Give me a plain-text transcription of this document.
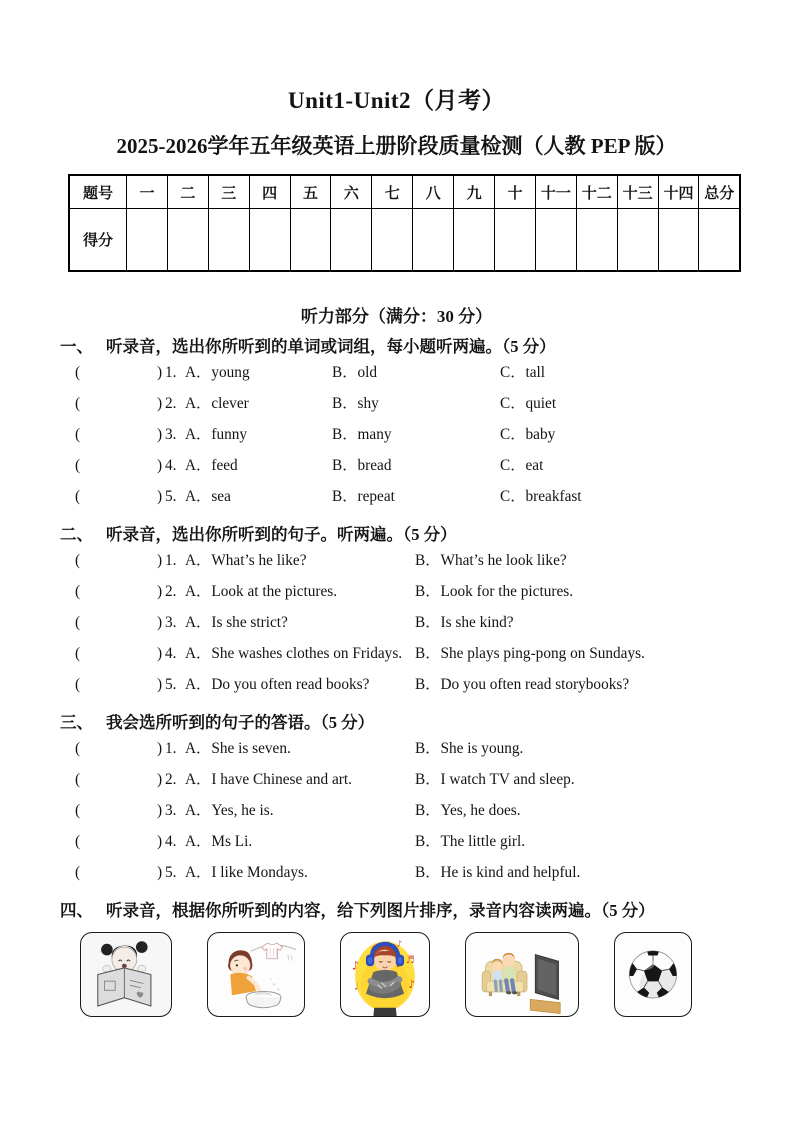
Unit1-Unit2（月考）
2025-2026学年五年级英语上册阶段质量检测（人教 PEP 版）
题号	一	二	三	四	五	六	七	八	九	十	十一	十二	十三	十四	总分
得分															
听力部分（满分：30 分）
一、 听录音，选出你所听到的单词或词组，每小题听两遍。（5 分）
(	) 1. A．young	B．old	C．tall
(	) 2. A．clever	B．shy	C．quiet
(	) 3. A．funny	B．many	C．baby
(	) 4. A．feed	B．bread	C．eat
(	) 5. A．sea	B．repeat	C．breakfast
二、 听录音，选出你所听到的句子。听两遍。（5 分）
(	) 1. A．What’s he like?	B．What’s he look like?
(	) 2. A．Look at the pictures.	B．Look for the pictures.
(	) 3. A．Is she strict?	B．Is she kind?
(	) 4. A．She washes clothes on Fridays. B．She plays ping-pong on Sundays.
(	) 5. A．Do you often read books?	B．Do you often read storybooks?
三、 我会选所听到的句子的答语。（5 分）
(	) 1. A．She is seven.	B．She is young.
(	) 2. A．I have Chinese and art.	B．I watch TV and sleep.
(	) 3. A．Yes, he is.	B．Yes, he does.
(	) 4. A．Ms Li.	B．The little girl.
(	) 5. A．I like Mondays.	B．He is kind and helpful.
四、 听录音，根据你所听到的内容，给下列图片排序，录音内容读两遍。（5 分）
♪	♬
♩	♪
♪
